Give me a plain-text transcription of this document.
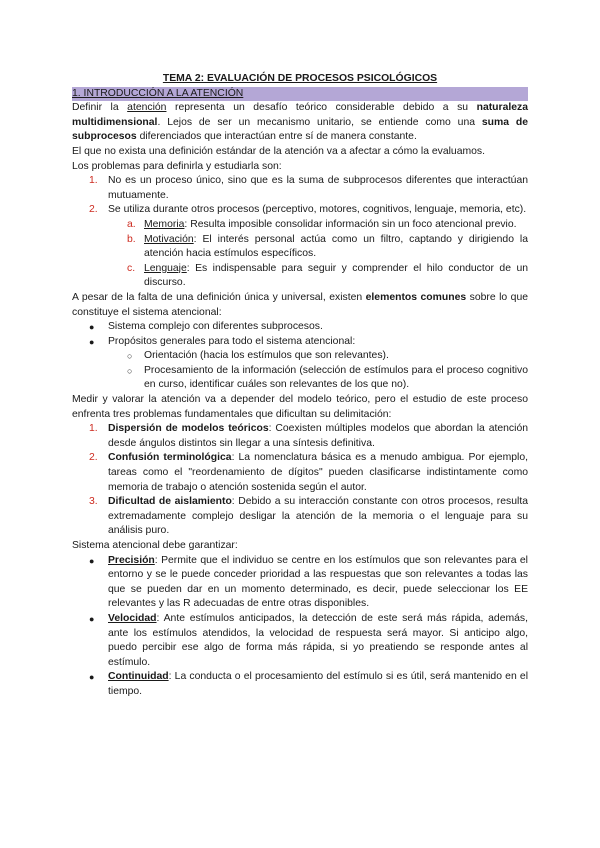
TEMA 2: EVALUACIÓN DE PROCESOS PSICOLÓGICOS

1. INTRODUCCIÓN A LA ATENCIÓN

Definir la atención representa un desafío teórico considerable debido a su naturaleza multidimensional. Lejos de ser un mecanismo unitario, se entiende como una suma de subprocesos diferenciados que interactúan entre sí de manera constante.

El que no exista una definición estándar de la atención va a afectar a cómo la evaluamos.

Los problemas para definirla y estudiarla son:

1. No es un proceso único, sino que es la suma de subprocesos diferentes que interactúan mutuamente.
2. Se utiliza durante otros procesos (perceptivo, motores, cognitivos, lenguaje, memoria, etc).
a. Memoria: Resulta imposible consolidar información sin un foco atencional previo.
b. Motivación: El interés personal actúa como un filtro, captando y dirigiendo la atención hacia estímulos específicos.
c. Lenguaje: Es indispensable para seguir y comprender el hilo conductor de un discurso.

A pesar de la falta de una definición única y universal, existen elementos comunes sobre lo que constituye el sistema atencional:

● Sistema complejo con diferentes subprocesos.
● Propósitos generales para todo el sistema atencional:
○ Orientación (hacia los estímulos que son relevantes).
○ Procesamiento de la información (selección de estímulos para el proceso cognitivo en curso, identificar cuáles son relevantes de los que no).

Medir y valorar la atención va a depender del modelo teórico, pero el estudio de este proceso enfrenta tres problemas fundamentales que dificultan su delimitación:

1. Dispersión de modelos teóricos: Coexisten múltiples modelos que abordan la atención desde ángulos distintos sin llegar a una síntesis definitiva.
2. Confusión terminológica: La nomenclatura básica es a menudo ambigua. Por ejemplo, tareas como el "reordenamiento de dígitos" pueden clasificarse indistintamente como memoria de trabajo o atención sostenida según el autor.
3. Dificultad de aislamiento: Debido a su interacción constante con otros procesos, resulta extremadamente complejo desligar la atención de la memoria o el lenguaje para su análisis puro.

Sistema atencional debe garantizar:

● Precisión: Permite que el individuo se centre en los estímulos que son relevantes para el entorno y se le puede conceder prioridad a las respuestas que son relevantes a todas las que se pueden dar en un momento determinado, es decir, puede seleccionar los EE relevantes y las R adecuadas de entre otras disponibles.
● Velocidad: Ante estímulos anticipados, la detección de este será más rápida, además, ante los estímulos atendidos, la velocidad de respuesta será mayor. Si anticipo algo, puedo percibir ese algo de forma más rápida, si yo preatiendo se responde antes al estímulo.
● Continuidad: La conducta o el procesamiento del estímulo si es útil, será mantenido en el tiempo.
